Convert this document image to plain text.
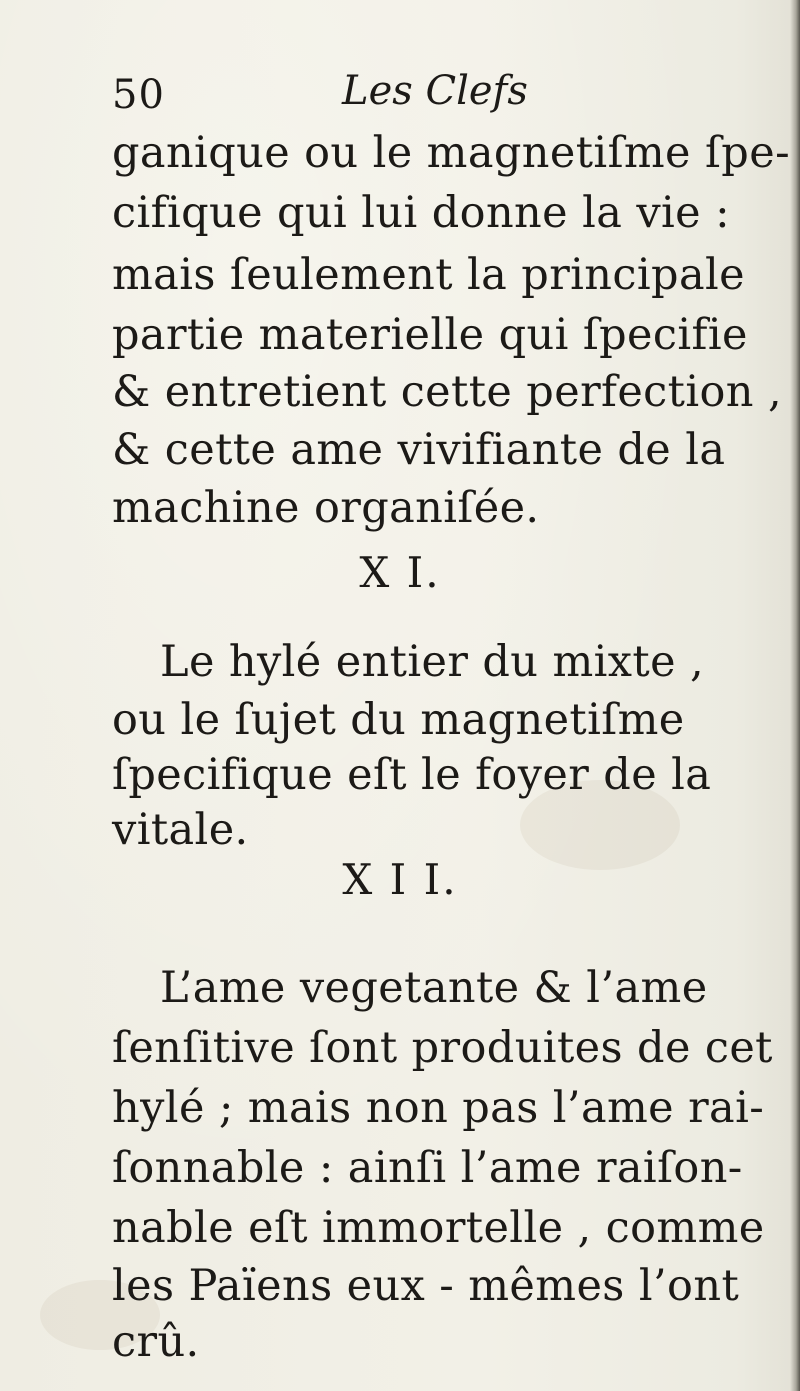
50	Les Clefs
ganique ou le magnetiſme ſpe-
cifique qui lui donne la vie :
mais ſeulement la principale
partie materielle qui ſpecifie
& entretient cette perfection ,
& cette ame vivifiante de la
machine organiſée.
X I.
Le hylé entier du mixte ,
ou le ſujet du magnetiſme
ſpecifique eſt le foyer de la
vitale.
X I I.
L’ame vegetante & l’ame
ſenſitive ſont produites de cet
hylé ; mais non pas l’ame rai-
ſonnable : ainſi l’ame raiſon-
nable eſt immortelle , comme
les Païens eux - mêmes l’ont
crû.
